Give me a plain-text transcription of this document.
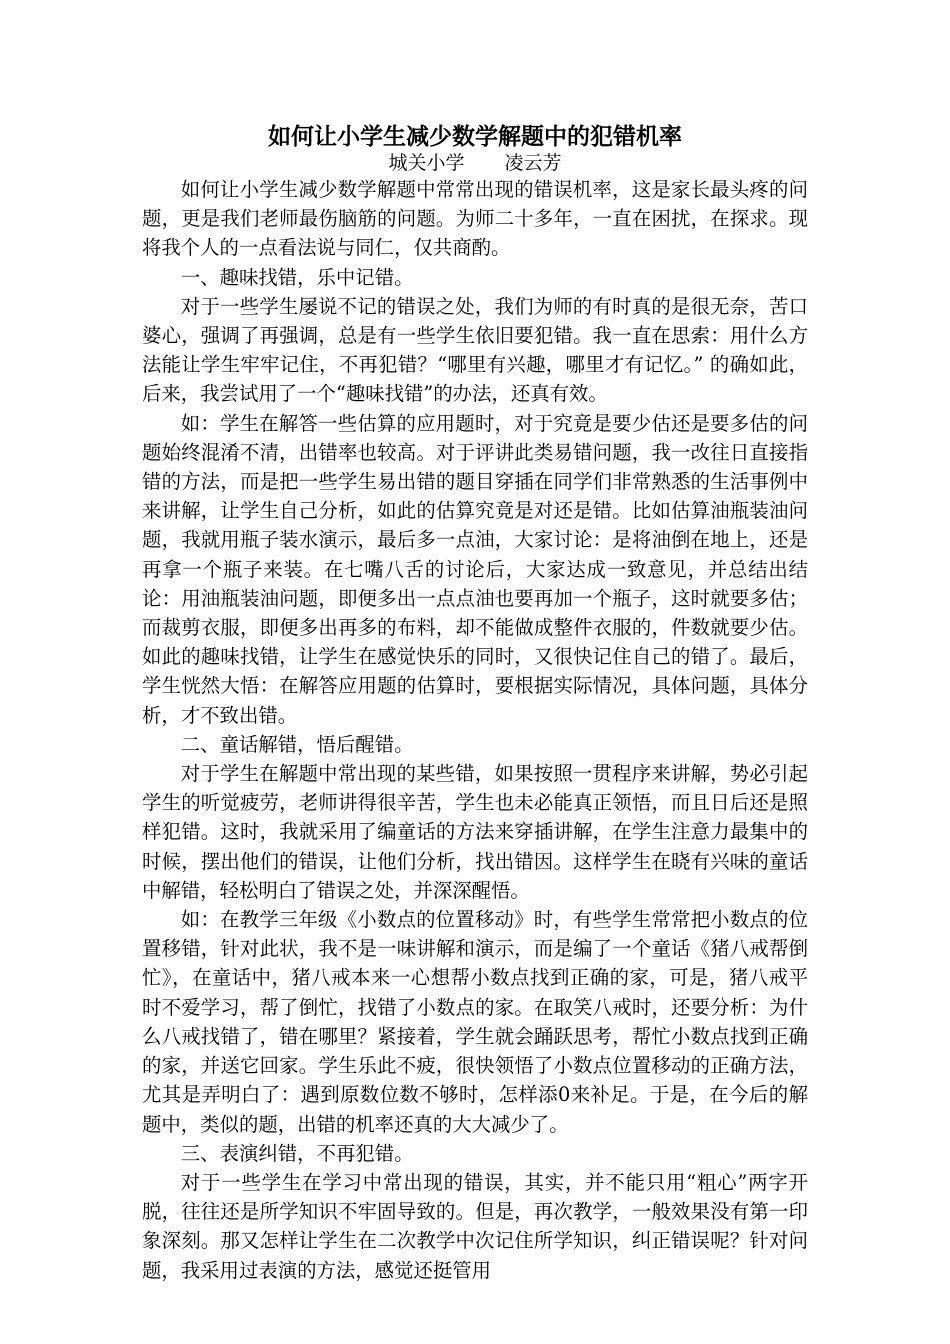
如何让小学生减少数学解题中的犯错机率
城关小学 凌云芳

如何让小学生减少数学解题中常常出现的错误机率，这是家长最头疼的问题，更是我们老师最伤脑筋的问题。为师二十多年，一直在困扰，在探求。现将我个人的一点看法说与同仁，仅共商酌。

一、趣味找错，乐中记错。

对于一些学生屡说不记的错误之处，我们为师的有时真的是很无奈，苦口婆心，强调了再强调，总是有一些学生依旧要犯错。我一直在思索：用什么方法能让学生牢牢记住，不再犯错？“哪里有兴趣，哪里才有记忆。” 的确如此，后来，我尝试用了一个“趣味找错”的办法，还真有效。

如：学生在解答一些估算的应用题时，对于究竟是要少估还是要多估的问题始终混淆不清，出错率也较高。对于评讲此类易错问题，我一改往日直接指错的方法，而是把一些学生易出错的题目穿插在同学们非常熟悉的生活事例中来讲解，让学生自己分析，如此的估算究竟是对还是错。比如估算油瓶装油问题，我就用瓶子装水演示，最后多一点油，大家讨论：是将油倒在地上，还是再拿一个瓶子来装。在七嘴八舌的讨论后，大家达成一致意见，并总结出结论：用油瓶装油问题，即便多出一点点油也要再加一个瓶子，这时就要多估；而裁剪衣服，即便多出再多的布料，却不能做成整件衣服的，件数就要少估。如此的趣味找错，让学生在感觉快乐的同时，又很快记住自己的错了。最后，学生恍然大悟：在解答应用题的估算时，要根据实际情况，具体问题，具体分析，才不致出错。

二、童话解错，悟后醒错。

对于学生在解题中常出现的某些错，如果按照一贯程序来讲解，势必引起学生的听觉疲劳，老师讲得很辛苦，学生也未必能真正领悟，而且日后还是照样犯错。这时，我就采用了编童话的方法来穿插讲解，在学生注意力最集中的时候，摆出他们的错误，让他们分析，找出错因。这样学生在晓有兴味的童话中解错，轻松明白了错误之处，并深深醒悟。

如：在教学三年级《小数点的位置移动》时，有些学生常常把小数点的位置移错，针对此状，我不是一味讲解和演示，而是编了一个童话《猪八戒帮倒忙》，在童话中，猪八戒本来一心想帮小数点找到正确的家，可是，猪八戒平时不爱学习，帮了倒忙，找错了小数点的家。在取笑八戒时，还要分析：为什么八戒找错了，错在哪里？紧接着，学生就会踊跃思考，帮忙小数点找到正确的家，并送它回家。学生乐此不疲，很快领悟了小数点位置移动的正确方法，尤其是弄明白了：遇到原数位数不够时，怎样添0来补足。于是，在今后的解题中，类似的题，出错的机率还真的大大减少了。

三、表演纠错，不再犯错。

对于一些学生在学习中常出现的错误，其实，并不能只用“粗心”两字开脱，往往还是所学知识不牢固导致的。但是，再次教学，一般效果没有第一印象深刻。那又怎样让学生在二次教学中次记住所学知识，纠正错误呢？针对问题，我采用过表演的方法，感觉还挺管用
